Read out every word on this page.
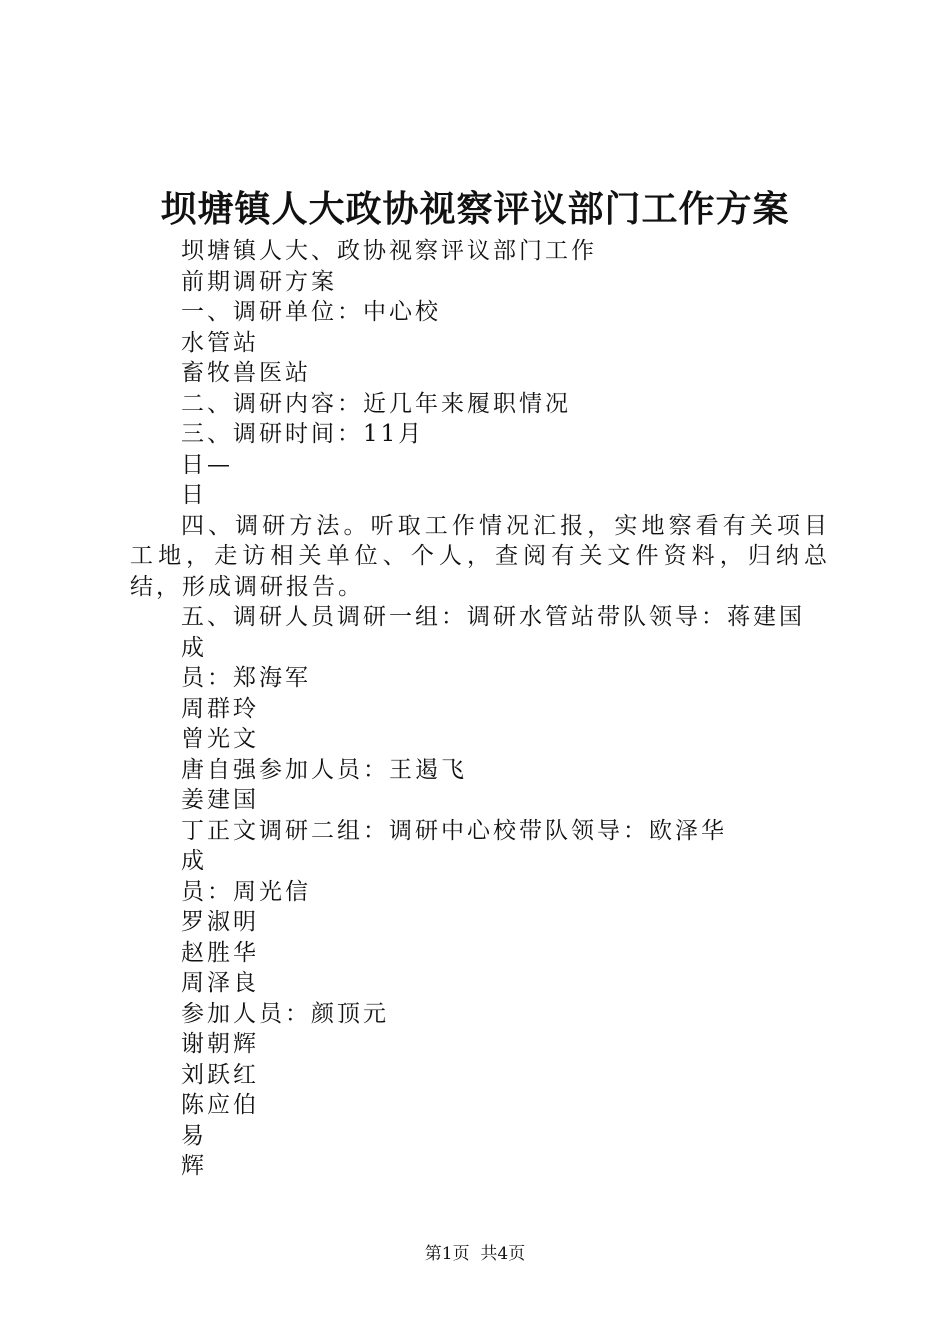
坝塘镇人大政协视察评议部门工作方案
坝塘镇人大、政协视察评议部门工作
前期调研方案
一、调研单位：中心校
水管站
畜牧兽医站
二、调研内容：近几年来履职情况
三、调研时间：11月
日—
日
四、调研方法。听取工作情况汇报，实地察看有关项目工地，走访相关单位、个人，查阅有关文件资料，归纳总结，形成调研报告。
五、调研人员调研一组：调研水管站带队领导：蒋建国
成
员：郑海军
周群玲
曾光文
唐自强参加人员：王遏飞
姜建国
丁正文调研二组：调研中心校带队领导：欧泽华
成
员：周光信
罗淑明
赵胜华
周泽良
参加人员：颜顶元
谢朝辉
刘跃红
陈应伯
易
辉
第1页 共4页
